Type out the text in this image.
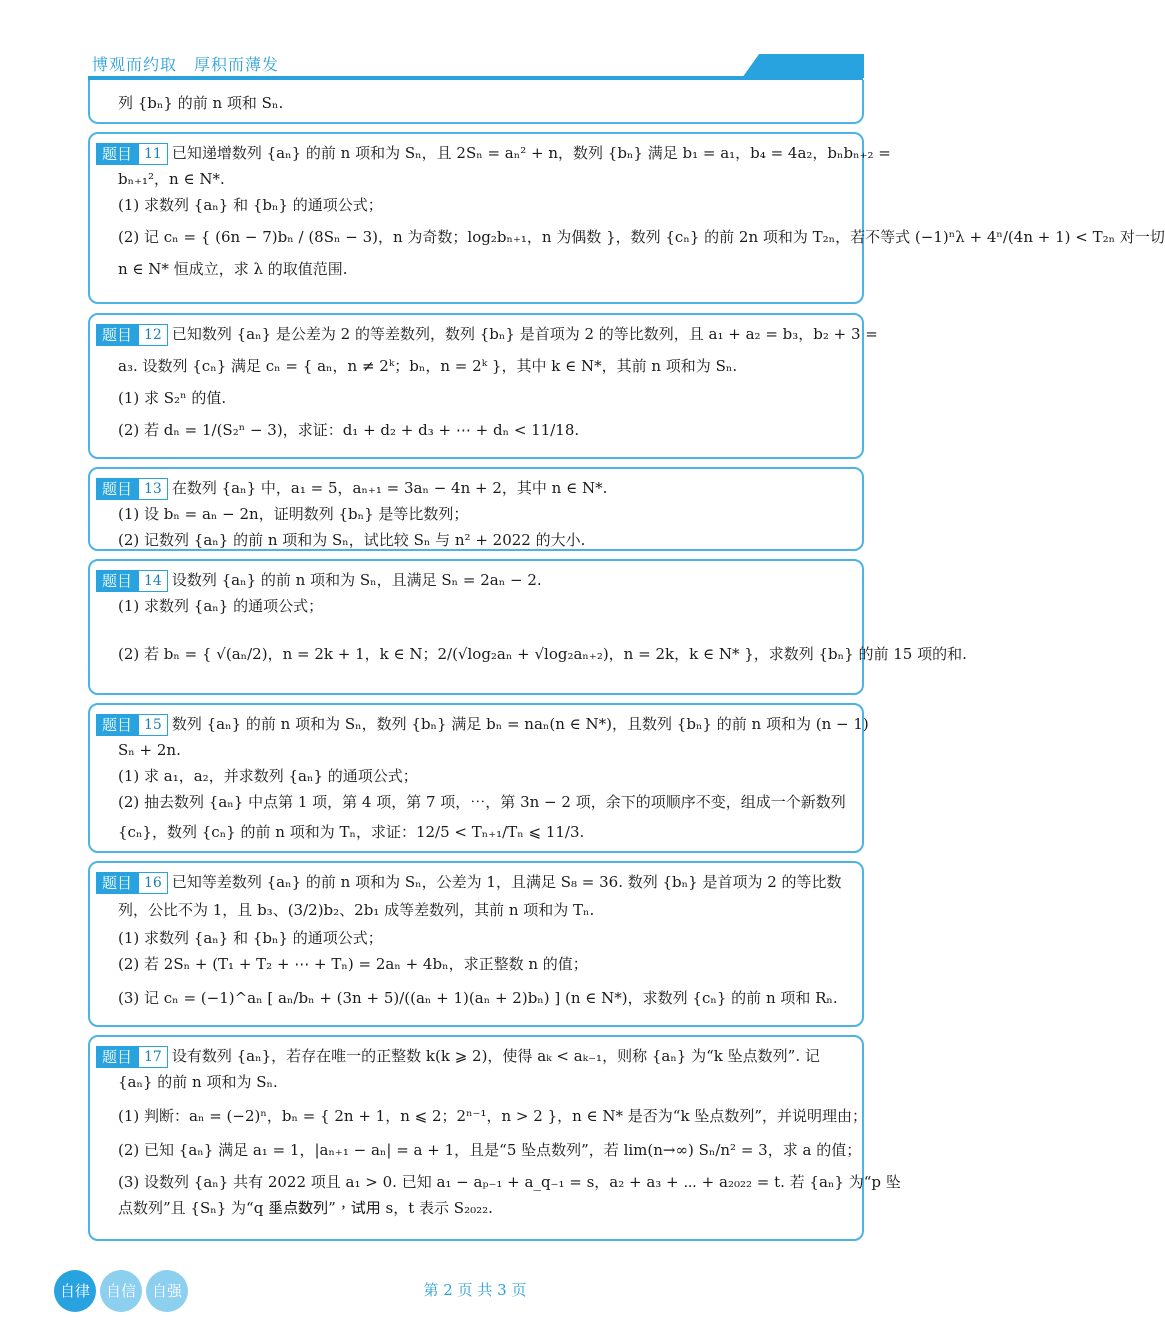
博观而约取　厚积而薄发
列 {bₙ} 的前 n 项和 Sₙ.
题目 11 已知递增数列 {aₙ} 的前 n 项和为 Sₙ，且 2Sₙ = aₙ² + n，数列 {bₙ} 满足 b₁ = a₁，b₄ = 4a₂，bₙbₙ₊₂ =
bₙ₊₁²，n ∈ N*.
(1) 求数列 {aₙ} 和 {bₙ} 的通项公式；
(2) 记 cₙ = { (6n − 7)bₙ / (8Sₙ − 3)，n 为奇数；log₂bₙ₊₁，n 为偶数 }，数列 {cₙ} 的前 2n 项和为 T₂ₙ，若不等式 (−1)ⁿλ + 4ⁿ/(4n + 1) < T₂ₙ 对一切
n ∈ N* 恒成立，求 λ 的取值范围.
题目 12 已知数列 {aₙ} 是公差为 2 的等差数列，数列 {bₙ} 是首项为 2 的等比数列，且 a₁ + a₂ = b₃，b₂ + 3 =
a₃. 设数列 {cₙ} 满足 cₙ = { aₙ，n ≠ 2ᵏ；bₙ，n = 2ᵏ }，其中 k ∈ N*，其前 n 项和为 Sₙ.
(1) 求 S₂ⁿ 的值.
(2) 若 dₙ = 1/(S₂ⁿ − 3)，求证：d₁ + d₂ + d₃ + ⋯ + dₙ < 11/18.
题目 13 在数列 {aₙ} 中，a₁ = 5，aₙ₊₁ = 3aₙ − 4n + 2，其中 n ∈ N*.
(1) 设 bₙ = aₙ − 2n，证明数列 {bₙ} 是等比数列；
(2) 记数列 {aₙ} 的前 n 项和为 Sₙ，试比较 Sₙ 与 n² + 2022 的大小.
题目 14 设数列 {aₙ} 的前 n 项和为 Sₙ，且满足 Sₙ = 2aₙ − 2.
(1) 求数列 {aₙ} 的通项公式；
(2) 若 bₙ = { √(aₙ/2)，n = 2k + 1，k ∈ N；2/(√log₂aₙ + √log₂aₙ₊₂)，n = 2k，k ∈ N* }，求数列 {bₙ} 的前 15 项的和.
题目 15 数列 {aₙ} 的前 n 项和为 Sₙ，数列 {bₙ} 满足 bₙ = naₙ(n ∈ N*)，且数列 {bₙ} 的前 n 项和为 (n − 1)
Sₙ + 2n.
(1) 求 a₁，a₂，并求数列 {aₙ} 的通项公式；
(2) 抽去数列 {aₙ} 中点第 1 项，第 4 项，第 7 项，⋯，第 3n − 2 项，余下的项顺序不变，组成一个新数列
{cₙ}，数列 {cₙ} 的前 n 项和为 Tₙ，求证：12/5 < Tₙ₊₁/Tₙ ⩽ 11/3.
题目 16 已知等差数列 {aₙ} 的前 n 项和为 Sₙ，公差为 1，且满足 S₈ = 36. 数列 {bₙ} 是首项为 2 的等比数
列，公比不为 1，且 b₃、(3/2)b₂、2b₁ 成等差数列，其前 n 项和为 Tₙ.
(1) 求数列 {aₙ} 和 {bₙ} 的通项公式；
(2) 若 2Sₙ + (T₁ + T₂ + ⋯ + Tₙ) = 2aₙ + 4bₙ，求正整数 n 的值；
(3) 记 cₙ = (−1)^aₙ [ aₙ/bₙ + (3n + 5)/((aₙ + 1)(aₙ + 2)bₙ) ] (n ∈ N*)，求数列 {cₙ} 的前 n 项和 Rₙ.
题目 17 设有数列 {aₙ}，若存在唯一的正整数 k(k ⩾ 2)，使得 aₖ < aₖ₋₁，则称 {aₙ} 为“k 坠点数列”. 记
{aₙ} 的前 n 项和为 Sₙ.
(1) 判断：aₙ = (−2)ⁿ，bₙ = { 2n + 1，n ⩽ 2；2ⁿ⁻¹，n > 2 }，n ∈ N* 是否为“k 坠点数列”，并说明理由；
(2) 已知 {aₙ} 满足 a₁ = 1，|aₙ₊₁ − aₙ| = a + 1，且是“5 坠点数列”，若 lim(n→∞) Sₙ/n² = 3，求 a 的值；
(3) 设数列 {aₙ} 共有 2022 项且 a₁ > 0. 已知 a₁ − aₚ₋₁ + a_q₋₁ = s，a₂ + a₃ + ⋯ + a₂₀₂₂ = t. 若 {aₙ} 为“p 坠
点数列”且 {Sₙ} 为“q 𡍮点数列”，试用 s，t 表示 S₂₀₂₂.
自律	自信	自强	第 2 页 共 3 页
